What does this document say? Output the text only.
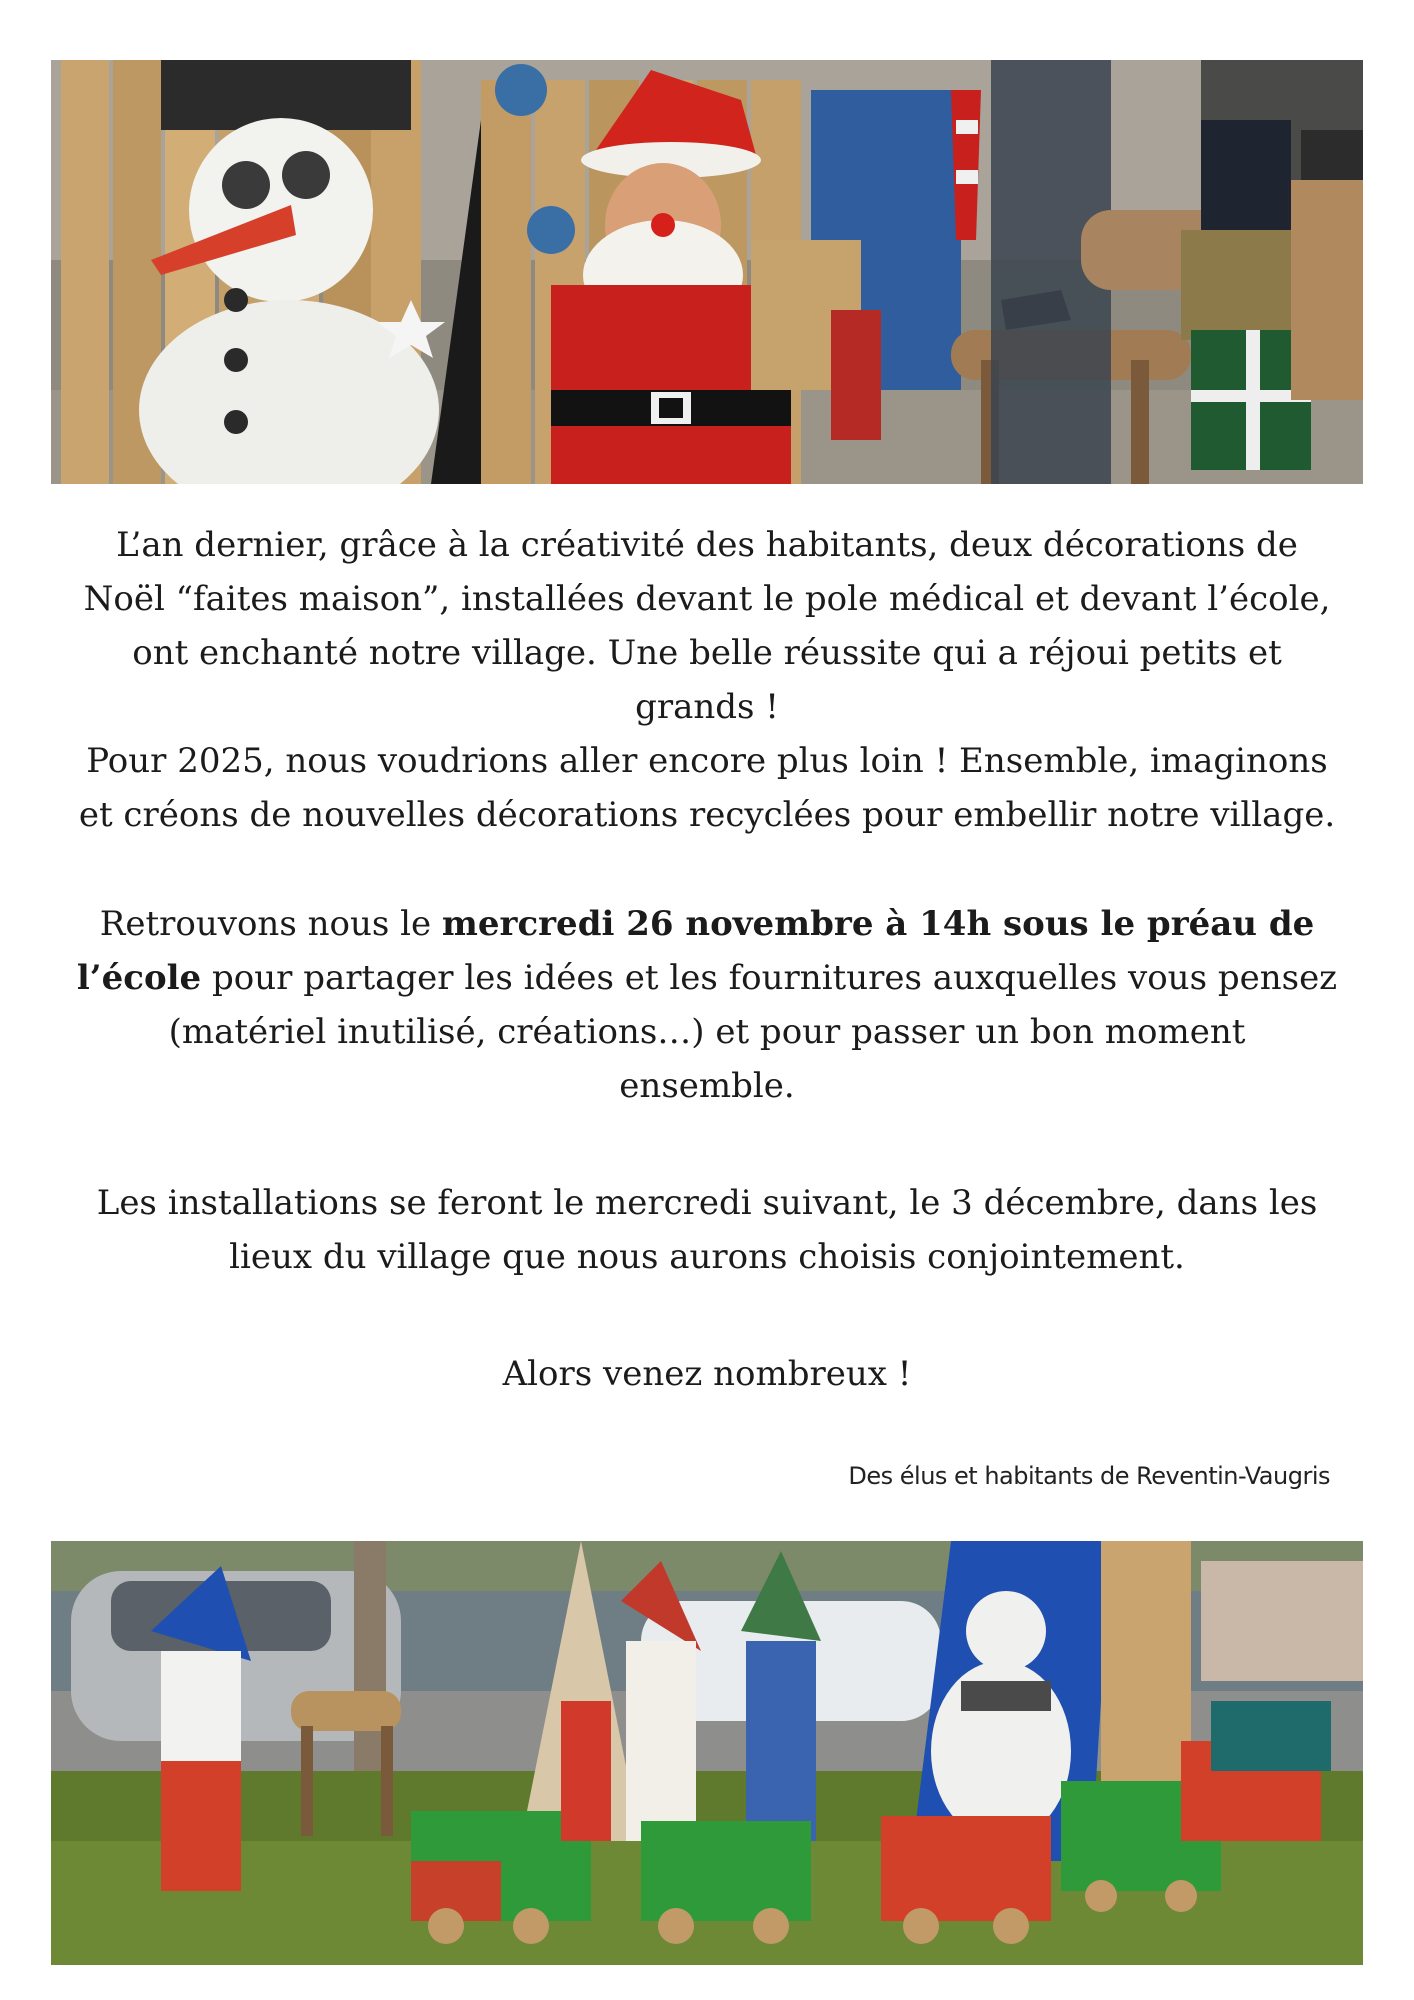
L’an dernier, grâce à la créativité des habitants, deux décorations de

Noël “faites maison”, installées devant le pole médical et devant l’école,

ont enchanté notre village. Une belle réussite qui a réjoui petits et

grands !

Pour 2025, nous voudrions aller encore plus loin ! Ensemble, imaginons

et créons de nouvelles décorations recyclées pour embellir notre village.

Retrouvons nous le mercredi 26 novembre à 14h sous le préau de

l’école pour partager les idées et les fournitures auxquelles vous pensez

(matériel inutilisé, créations…) et pour passer un bon moment

ensemble.

Les installations se feront le mercredi suivant, le 3 décembre, dans les

lieux du village que nous aurons choisis conjointement.

Alors venez nombreux !

Des élus et habitants de Reventin-Vaugris
